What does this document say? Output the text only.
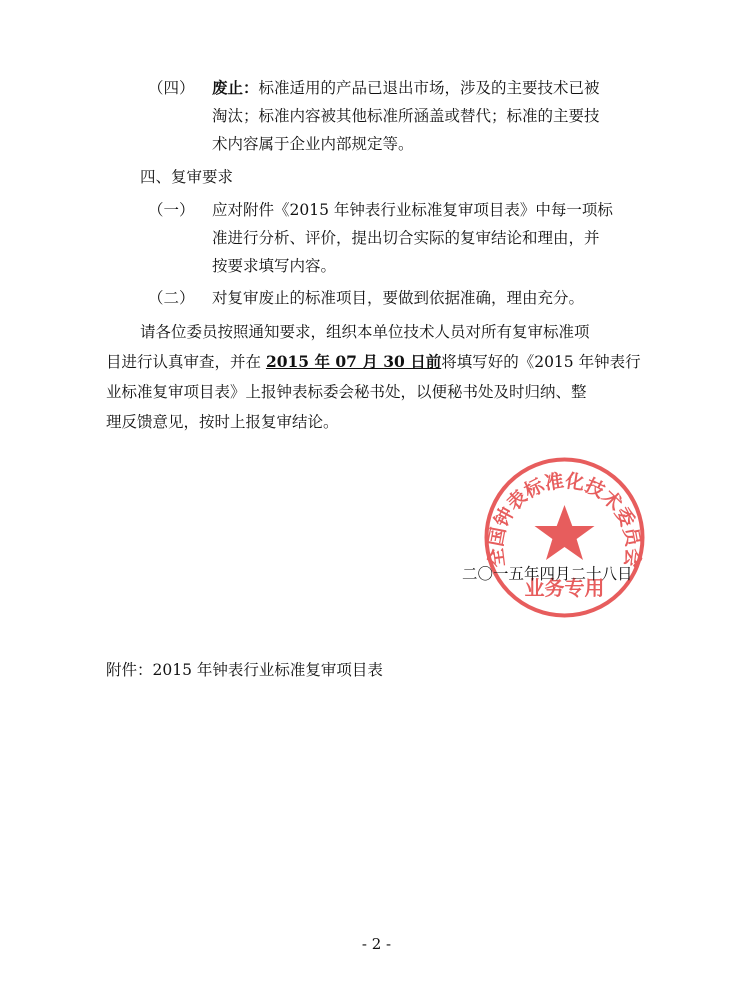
（四） 废止：标准适用的产品已退出市场，涉及的主要技术已被
淘汰；标准内容被其他标准所涵盖或替代；标准的主要技
术内容属于企业内部规定等。
四、复审要求
（一） 应对附件《2015 年钟表行业标准复审项目表》中每一项标
准进行分析、评价，提出切合实际的复审结论和理由，并
按要求填写内容。
（二） 对复审废止的标准项目，要做到依据准确，理由充分。
请各位委员按照通知要求，组织本单位技术人员对所有复审标准项
目进行认真审查，并在 2015 年 07 月 30 日前将填写好的《2015 年钟表行
业标准复审项目表》上报钟表标委会秘书处，以便秘书处及时归纳、整
理反馈意见，按时上报复审结论。
全国钟表标准化技术委员会
业务专用
二〇一五年四月二十八日
附件：2015 年钟表行业标准复审项目表
- 2 -
